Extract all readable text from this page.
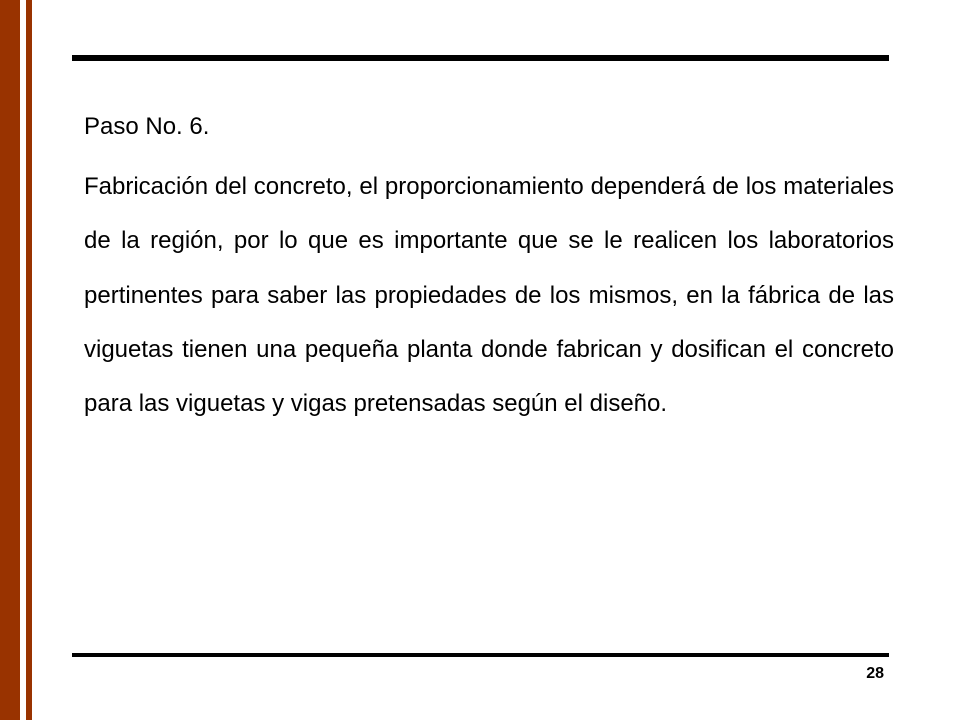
Paso No. 6.

Fabricación del concreto, el proporcionamiento dependerá de los materiales de la región, por lo que es importante que se le realicen los laboratorios pertinentes para saber las propiedades de los mismos, en la fábrica de las viguetas tienen una pequeña planta donde fabrican y dosifican el concreto para las viguetas y vigas pretensadas según el diseño.

28
